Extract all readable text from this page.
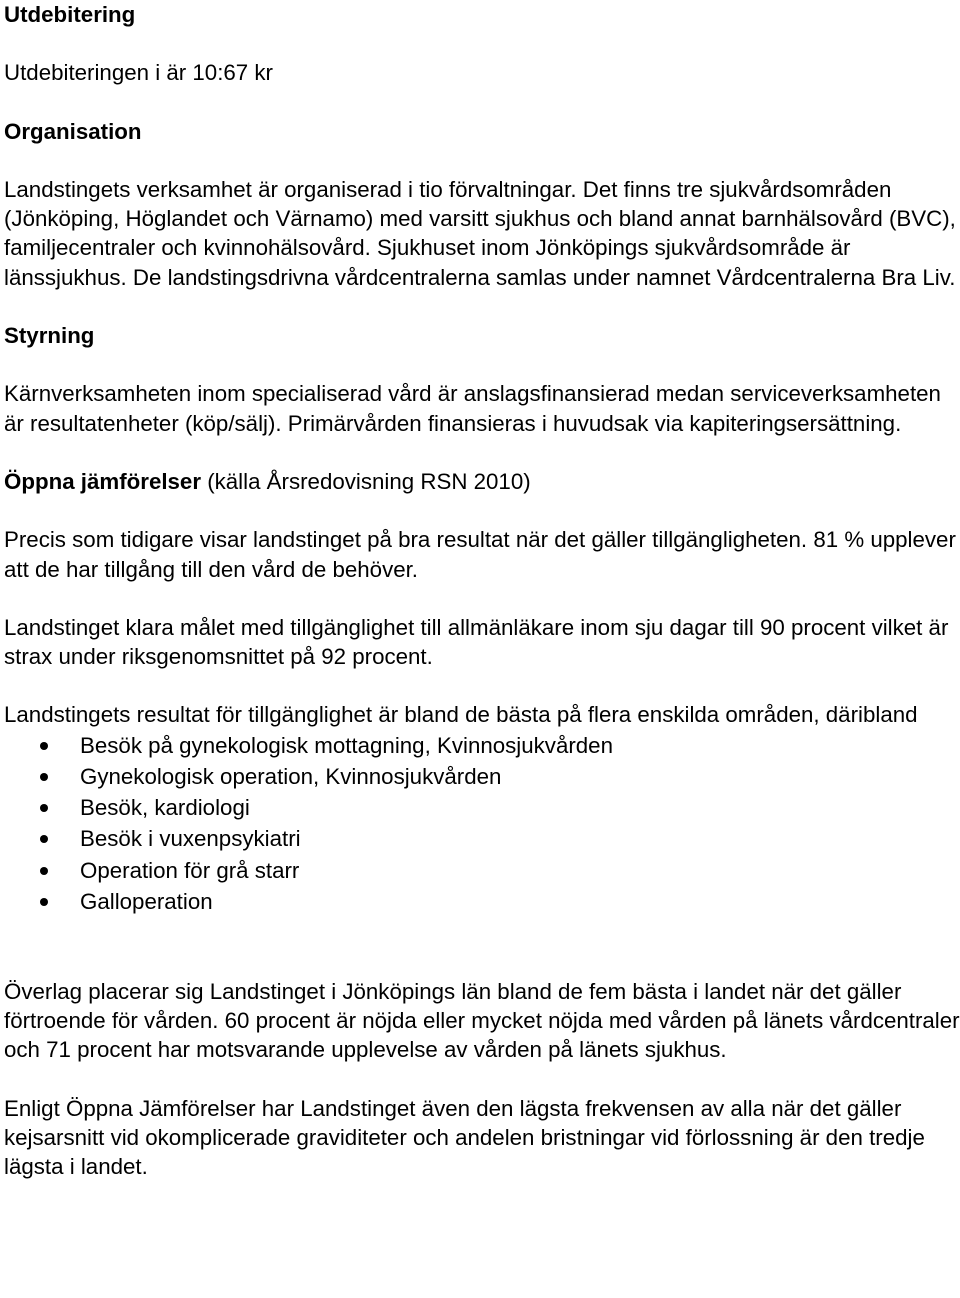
Utdebitering

Utdebiteringen i är 10:67 kr

Organisation

Landstingets verksamhet är organiserad i tio förvaltningar. Det finns tre sjukvårdsområden (Jönköping, Höglandet och Värnamo) med varsitt sjukhus och bland annat barnhälsovård (BVC), familjecentraler och kvinnohälsovård. Sjukhuset inom Jönköpings sjukvårdsområde är länssjukhus. De landstingsdrivna vårdcentralerna samlas under namnet Vårdcentralerna Bra Liv.

Styrning

Kärnverksamheten inom specialiserad vård är anslagsfinansierad medan serviceverksamheten är resultatenheter (köp/sälj). Primärvården finansieras i huvudsak via kapiteringsersättning.

Öppna jämförelser (källa Årsredovisning RSN 2010)

Precis som tidigare visar landstinget på bra resultat när det gäller tillgängligheten. 81 % upplever att de har tillgång till den vård de behöver.

Landstinget klara målet med tillgänglighet till allmänläkare inom sju dagar till 90 procent vilket är strax under riksgenomsnittet på 92 procent.

Landstingets resultat för tillgänglighet är bland de bästa på flera enskilda områden, däribland

Besök på gynekologisk mottagning, Kvinnosjukvården
Gynekologisk operation, Kvinnosjukvården
Besök, kardiologi
Besök i vuxenpsykiatri
Operation för grå starr
Galloperation

Överlag placerar sig Landstinget i Jönköpings län bland de fem bästa i landet när det gäller förtroende för vården. 60 procent är nöjda eller mycket nöjda med vården på länets vårdcentraler och 71 procent har motsvarande upplevelse av vården på länets sjukhus.

Enligt Öppna Jämförelser har Landstinget även den lägsta frekvensen av alla när det gäller kejsarsnitt vid okomplicerade graviditeter och andelen bristningar vid förlossning är den tredje lägsta i landet.
